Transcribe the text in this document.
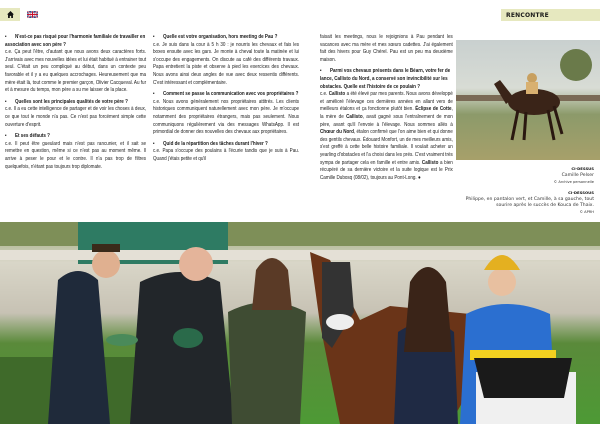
RENCONTRE

▪ N'est-ce pas risqué pour l'harmonie familiale de travailler en association avec son père ?

c.e. Ça peut l'être, d'autant que nous avons deux caractères forts. J'arrivais avec mes nouvelles idées et lui était habitué à entrainer tout seul. C'était un peu compliqué au début, dans un contexte peu favorable et il y a eu quelques accrochages. Heureusement que ma mère était là, tout comme le premier garçon, Olivier Cacqueval. Au fur et à mesure du temps, mon père a su me laisser de la place.

▪ Quelles sont les principales qualités de votre père ?

c.e. Il a eu cette intelligence de partager et de voir les choses à deux, ce que tout le monde n'a pas. Ce n'est pas forcément simple cette ouverture d'esprit.

▪ Et ses défauts ?

c.e. Il peut être gueulard mais n'est pas rancunier, et il sait se remettre en question, même si ce n'est pas au moment même. Il arrive à peser le pour et le contre. Il n'a pas trop de filtres quelquefois, n'étant pas toujours trop diplomate.

▪ Quelle est votre organisation, hors meeting de Pau ?

c.e. Je suis dans la cour à 5 h 30 : je nourris les chevaux et fais les boxes ensuite avec les gars. Je monte à cheval toute la matinée et lui s'occupe des engagements. On discute au café des différents travaux. Papa entretient la piste et observe à pied les exercices des chevaux. Nous avons ainsi deux angles de vue avec deux ressentis différents. C'est intéressant et complémentaire.

▪ Comment se passe la communication avec vos propriétaires ?

c.e. Nous avons généralement nos propriétaires attitrés. Les clients historiques communiquent naturellement avec mon père. Je m'occupe notamment des propriétaires étrangers, mais pas seulement. Nous communiquons régulièrement via des messages WhatsApp. Il est primordial de donner des nouvelles des chevaux aux propriétaires.

▪ Quid de la répartition des tâches durant l'hiver ?

c.e. Papa s'occupe des poulains à l'écurie tandis que je suis à Pau. Quand j'étais petite et qu'il

faisait les meetings, nous le rejoignions à Pau pendant les vacances avec ma mère et mes sœurs cadettes. J'ai également fait des hivers pour Guy Chérel. Pau est un peu ma deuxième maison.

▪ Parmi vos chevaux présents dans le Béarn, votre fer de lance, Callisto du Nord, a conservé son invincibilité sur les obstacles. Quelle est l'histoire de ce poulain ?

c.e. Callisto a été élevé par mes parents. Nous avons développé et amélioré l'élevage ces dernières années en allant vers de meilleurs étalons et ça fonctionne plutôt bien. Éclipse de Cotte, la mère de Callisto, avait gagné sous l'entraînement de mon père, avant qu'il l'envoie à l'élevage. Nous sommes allés à Chœur du Nord, étalon confirmé que l'on aime bien et qui donne des gentils chevaux. Édouard Monfort, un de mes meilleurs amis, s'est greffé à cette belle histoire familiale. Il voulait acheter un yearling d'obstacles et l'a choisi dans les prés. C'est vraiment très sympa de partager cela en famille et entre amis. Callisto a bien récupéré de sa dernière victoire et la suite logique est le Prix Camille Dubosq (08/02), toujours au Pont-Long. ●

CI-DESSUS
Camille Pelser
© Archive personnelle
CI-DESSOUS
Philippe, en pantalon vert, et Camille, à sa gauche, tout sourire après le succès de Kouca de Thaix.
© APRH
